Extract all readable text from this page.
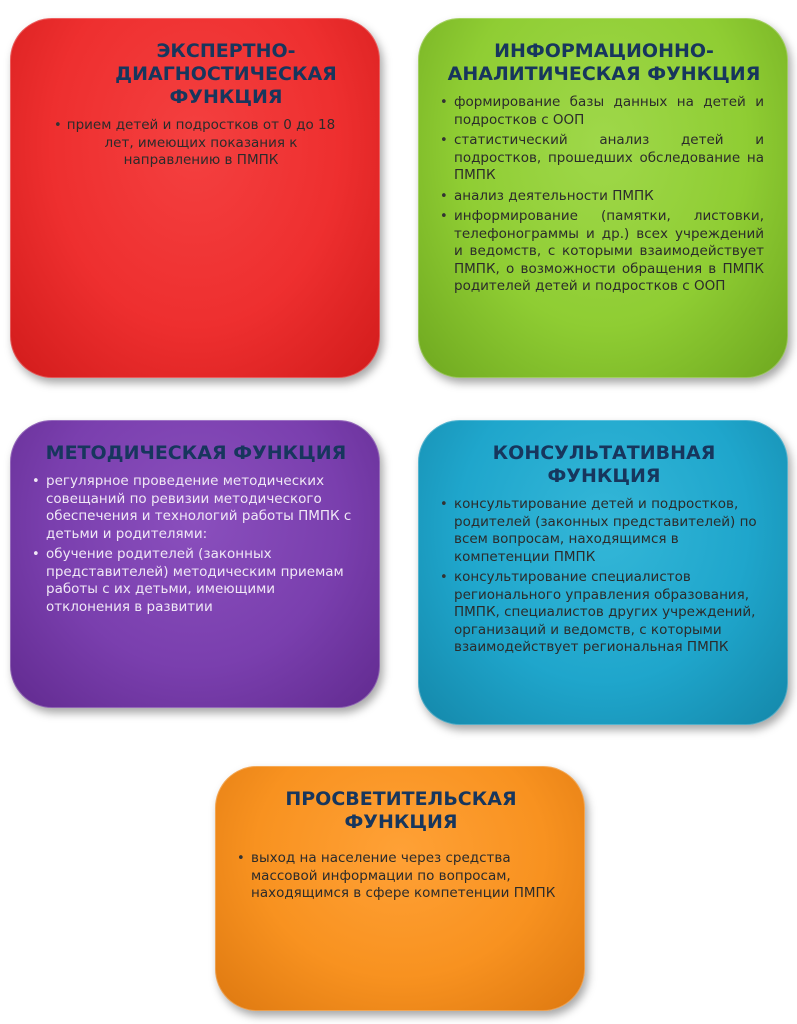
ЭКСПЕРТНО-ДИАГНОСТИЧЕСКАЯ ФУНКЦИЯ
• прием детей и подростков от 0 до 18 лет, имеющих показания к направлению в ПМПК
ИНФОРМАЦИОННО-АНАЛИТИЧЕСКАЯ ФУНКЦИЯ
• формирование базы данных на детей и подростков с ООП
• статистический анализ детей и подростков, прошедших обследование на ПМПК
• анализ деятельности ПМПК
• информирование (памятки, листовки, телефонограммы и др.) всех учреждений и ведомств, с которыми взаимодействует ПМПК, о возможности обращения в ПМПК родителей детей и подростков с ООП
МЕТОДИЧЕСКАЯ ФУНКЦИЯ
• регулярное проведение методических совещаний по ревизии методического обеспечения и технологий работы ПМПК с детьми и родителями:
• обучение родителей (законных представителей) методическим приемам работы с их детьми, имеющими отклонения в развитии
КОНСУЛЬТАТИВНАЯ ФУНКЦИЯ
• консультирование детей и подростков, родителей (законных представителей) по всем вопросам, находящимся в компетенции ПМПК
• консультирование специалистов регионального управления образования, ПМПК, специалистов других учреждений, организаций и ведомств, с которыми взаимодействует региональная ПМПК
ПРОСВЕТИТЕЛЬСКАЯ ФУНКЦИЯ
• выход на население через средства массовой информации по вопросам, находящимся в сфере компетенции ПМПК
